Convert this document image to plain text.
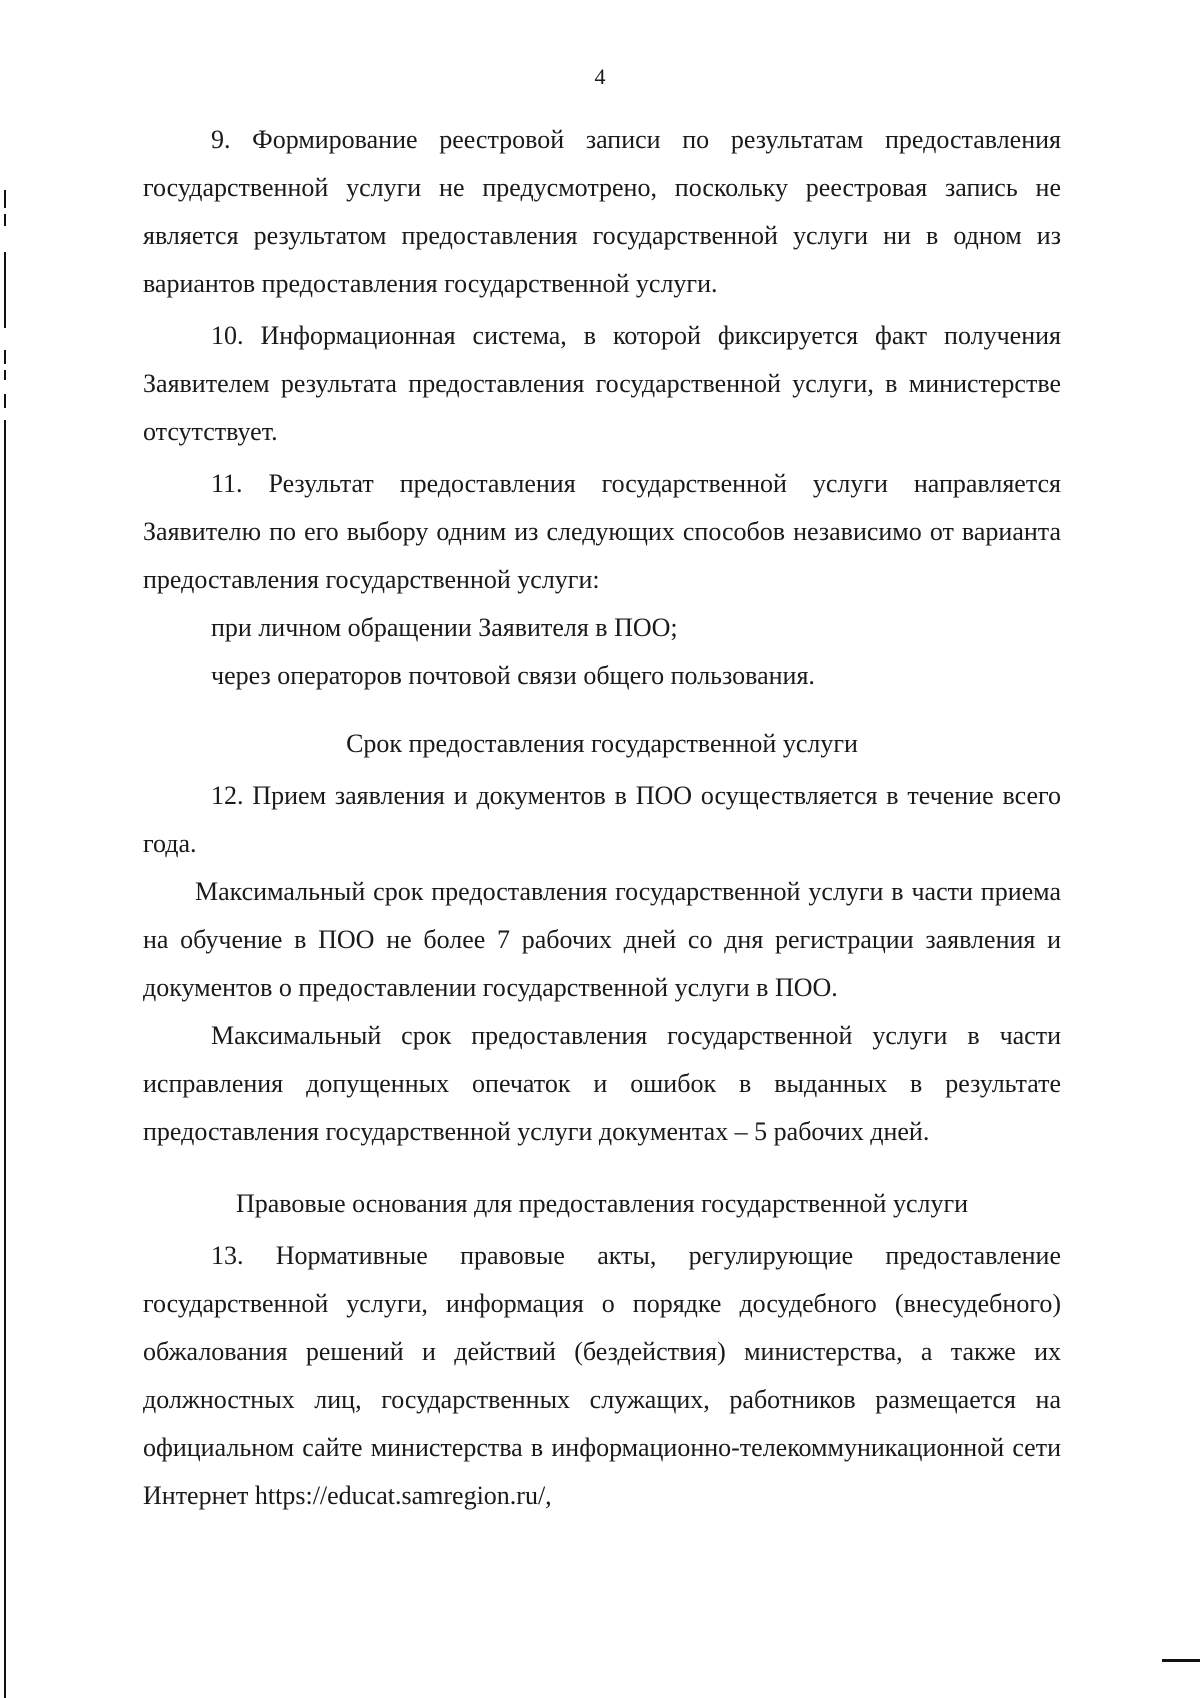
4

9. Формирование реестровой записи по результатам предоставления государственной услуги не предусмотрено, поскольку реестровая запись не является результатом предоставления государственной услуги ни в одном из вариантов предоставления государственной услуги.

10. Информационная система, в которой фиксируется факт получения Заявителем результата предоставления государственной услуги, в министерстве отсутствует.

11. Результат предоставления государственной услуги направляется Заявителю по его выбору одним из следующих способов независимо от варианта предоставления государственной услуги:

при личном обращении Заявителя в ПОО;

через операторов почтовой связи общего пользования.

Срок предоставления государственной услуги

12. Прием заявления и документов в ПОО осуществляется в течение всего года.

Максимальный срок предоставления государственной услуги в части приема на обучение в ПОО не более 7 рабочих дней со дня регистрации заявления и документов о предоставлении государственной услуги в ПОО.

Максимальный срок предоставления государственной услуги в части исправления допущенных опечаток и ошибок в выданных в результате предоставления государственной услуги документах – 5 рабочих дней.

Правовые основания для предоставления государственной услуги

13. Нормативные правовые акты, регулирующие предоставление государственной услуги, информация о порядке досудебного (внесудебного) обжалования решений и действий (бездействия) министерства, а также их должностных лиц, государственных служащих, работников размещается на официальном сайте министерства в информационно-телекоммуникационной сети Интернет https://educat.samregion.ru/,
